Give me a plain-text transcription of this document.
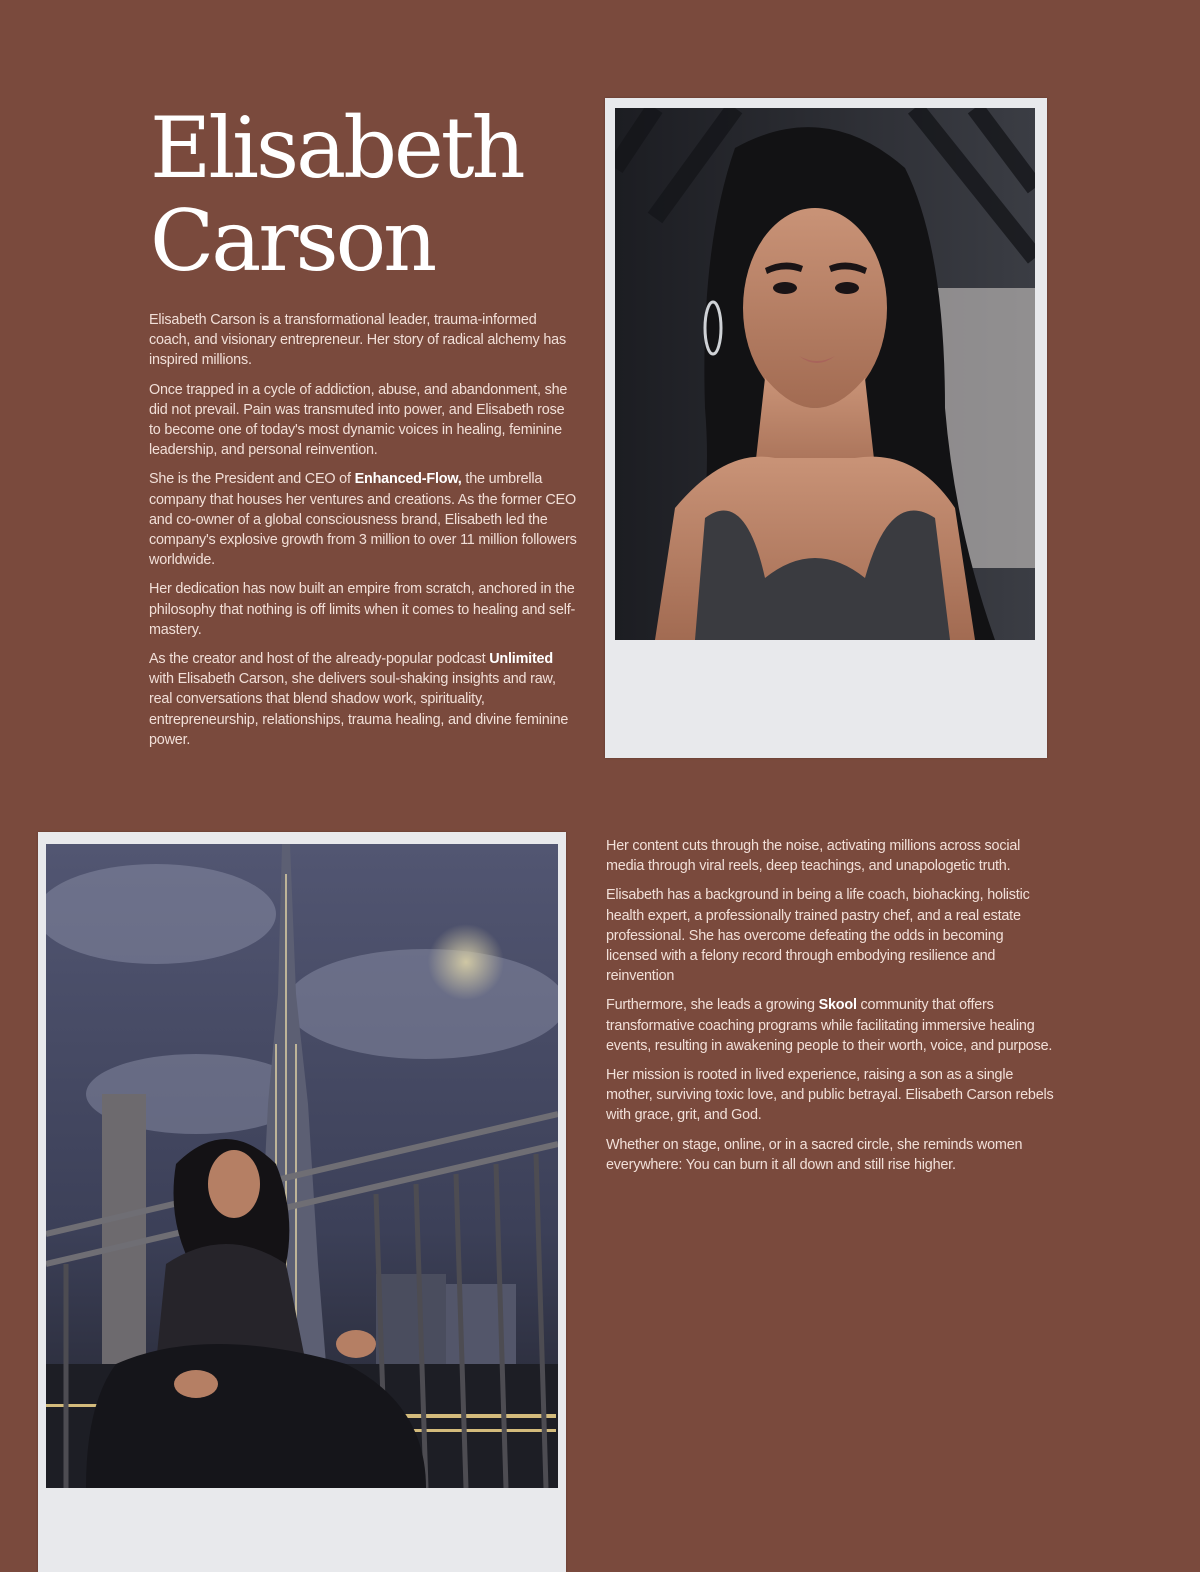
Elisabeth
Carson

Elisabeth Carson is a transformational leader, trauma-informed coach, and visionary entrepreneur. Her story of radical alchemy has inspired millions.

Once trapped in a cycle of addiction, abuse, and abandonment, she did not prevail. Pain was transmuted into power, and Elisabeth rose to become one of today's most dynamic voices in healing, feminine leadership, and personal reinvention.

She is the President and CEO of Enhanced-Flow, the umbrella company that houses her ventures and creations. As the former CEO and co-owner of a global consciousness brand, Elisabeth led the company's explosive growth from 3 million to over 11 million followers worldwide.

Her dedication has now built an empire from scratch, anchored in the philosophy that nothing is off limits when it comes to healing and self-mastery.

As the creator and host of the already-popular podcast Unlimited with Elisabeth Carson, she delivers soul-shaking insights and raw, real conversations that blend shadow work, spirituality, entrepreneurship, relationships, trauma healing, and divine feminine power.

Her content cuts through the noise, activating millions across social media through viral reels, deep teachings, and unapologetic truth.

Elisabeth has a background in being a life coach, biohacking, holistic health expert, a professionally trained pastry chef, and a real estate professional. She has overcome defeating the odds in becoming licensed with a felony record through embodying resilience and reinvention

Furthermore, she leads a growing Skool community that offers transformative coaching programs while facilitating immersive healing events, resulting in awakening people to their worth, voice, and purpose.

Her mission is rooted in lived experience, raising a son as a single mother, surviving toxic love, and public betrayal. Elisabeth Carson rebels with grace, grit, and God.

Whether on stage, online, or in a sacred circle, she reminds women everywhere: You can burn it all down and still rise higher.
